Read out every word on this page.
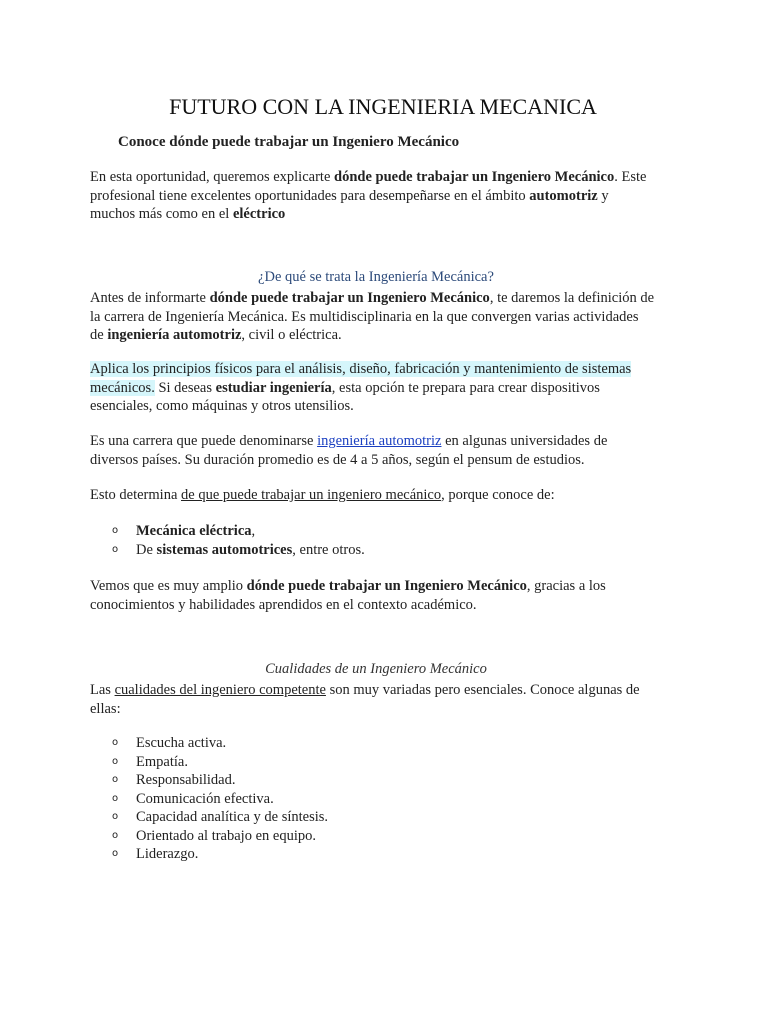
FUTURO CON LA INGENIERIA MECANICA
Conoce dónde puede trabajar un Ingeniero Mecánico
En esta oportunidad, queremos explicarte dónde puede trabajar un Ingeniero Mecánico. Este
profesional tiene excelentes oportunidades para desempeñarse en el ámbito automotriz y
muchos más como en el eléctrico
¿De qué se trata la Ingeniería Mecánica?
Antes de informarte dónde puede trabajar un Ingeniero Mecánico, te daremos la definición de
la carrera de Ingeniería Mecánica. Es multidisciplinaria en la que convergen varias actividades
de ingeniería automotriz, civil o eléctrica.
Aplica los principios físicos para el análisis, diseño, fabricación y mantenimiento de sistemas
mecánicos. Si deseas estudiar ingeniería, esta opción te prepara para crear dispositivos
esenciales, como máquinas y otros utensilios.
Es una carrera que puede denominarse ingeniería automotriz en algunas universidades de
diversos países. Su duración promedio es de 4 a 5 años, según el pensum de estudios.
Esto determina de que puede trabajar un ingeniero mecánico, porque conoce de:
o Mecánica eléctrica,
o De sistemas automotrices, entre otros.
Vemos que es muy amplio dónde puede trabajar un Ingeniero Mecánico, gracias a los
conocimientos y habilidades aprendidos en el contexto académico.
Cualidades de un Ingeniero Mecánico
Las cualidades del ingeniero competente son muy variadas pero esenciales. Conoce algunas de
ellas:
o Escucha activa.
o Empatía.
o Responsabilidad.
o Comunicación efectiva.
o Capacidad analítica y de síntesis.
o Orientado al trabajo en equipo.
o Liderazgo.
